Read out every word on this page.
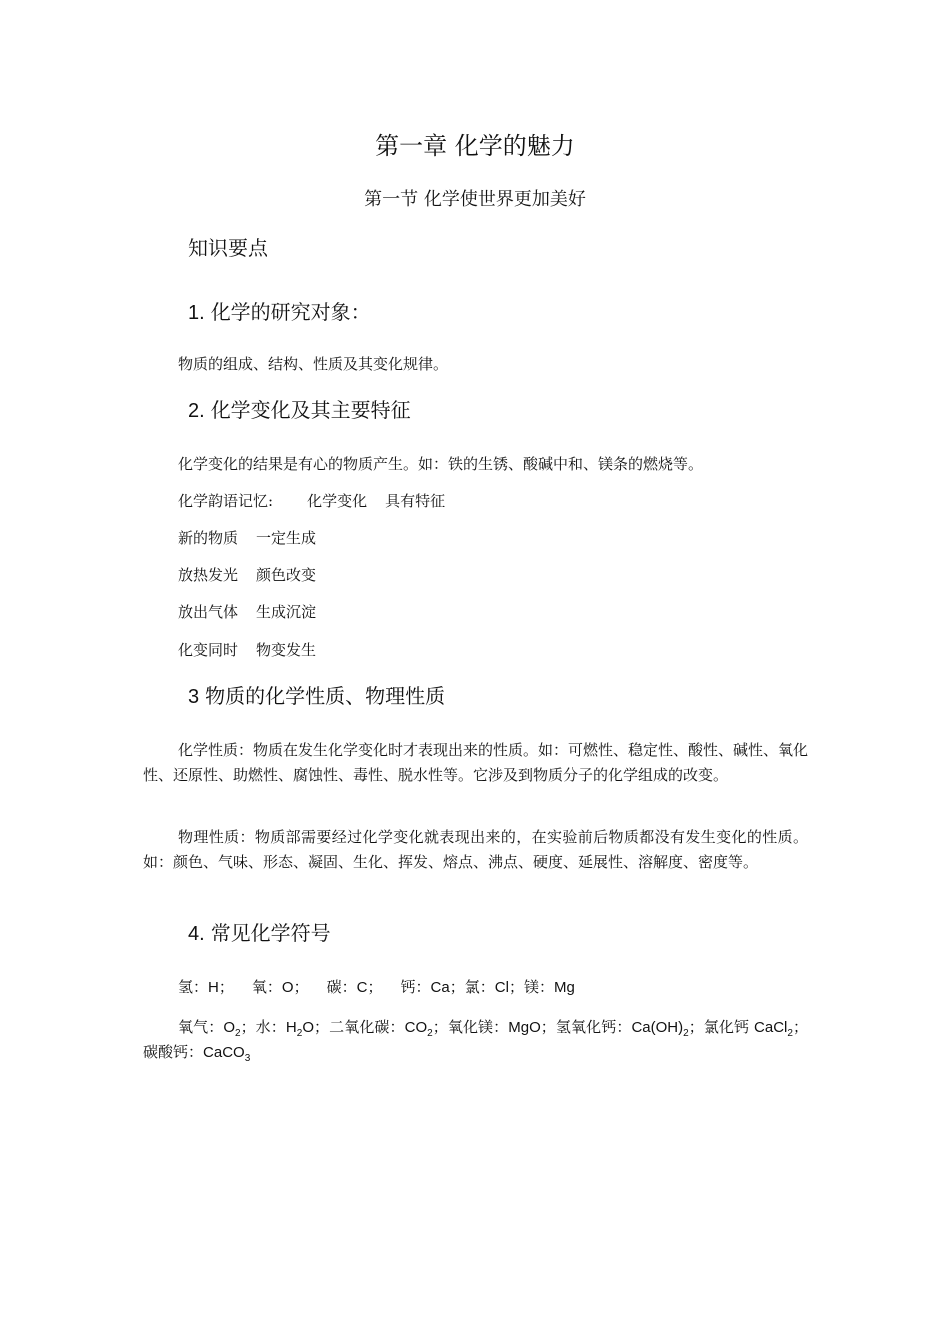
第一章 化学的魅力
第一节 化学使世界更加美好
知识要点
1. 化学的研究对象：
物质的组成、结构、性质及其变化规律。
2. 化学变化及其主要特征
化学变化的结果是有心的物质产生。如：铁的生锈、酸碱中和、镁条的燃烧等。
化学韵语记忆: 化学变化 具有特征
新的物质 一定生成
放热发光 颜色改变
放出气体 生成沉淀
化变同时 物变发生
3 物质的化学性质、物理性质
化学性质：物质在发生化学变化时才表现出来的性质。如：可燃性、稳定性、酸性、碱性、氧化性、还原性、助燃性、腐蚀性、毒性、脱水性等。它涉及到物质分子的化学组成的改变。
物理性质：物质部需要经过化学变化就表现出来的，在实验前后物质都没有发生变化的性质。如：颜色、气味、形态、凝固、生化、挥发、熔点、沸点、硬度、延展性、溶解度、密度等。
4. 常见化学符号
氢：H； 氧：O； 碳：C； 钙：Ca；氯：Cl；镁：Mg
氧气：$O_2$；水：$H_2O$；二氧化碳：$CO_2$；氧化镁：MgO；氢氧化钙：$Ca(OH)_2$；氯化钙 CaCl$_2$；碳酸钙：CaCO$_3$
